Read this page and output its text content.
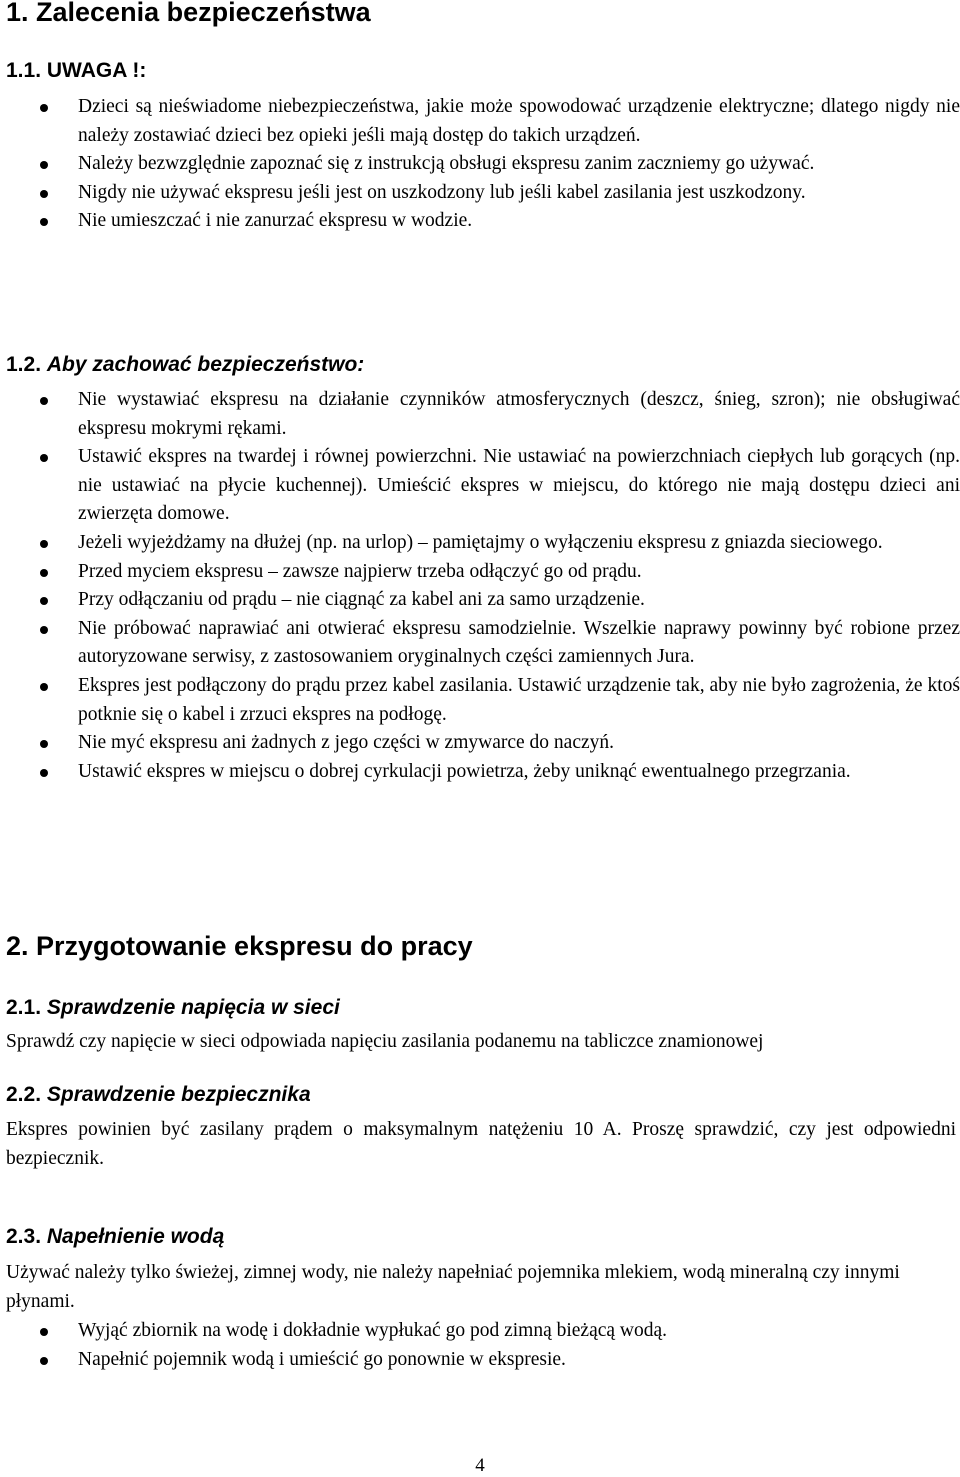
1. Zalecenia bezpieczeństwa
1.1. UWAGA !:
Dzieci są nieświadome niebezpieczeństwa, jakie może spowodować urządzenie elektryczne; dlatego nigdy nie należy zostawiać dzieci bez opieki jeśli mają dostęp do takich urządzeń.
Należy bezwzględnie zapoznać się z instrukcją obsługi ekspresu zanim zaczniemy go używać.
Nigdy nie używać ekspresu jeśli jest on uszkodzony lub jeśli kabel zasilania jest uszkodzony.
Nie umieszczać i nie zanurzać ekspresu w wodzie.
1.2. Aby zachować bezpieczeństwo:
Nie wystawiać ekspresu na działanie czynników atmosferycznych (deszcz, śnieg, szron); nie obsługiwać ekspresu mokrymi rękami.
Ustawić ekspres na twardej i równej powierzchni. Nie ustawiać na powierzchniach ciepłych lub gorących (np. nie ustawiać na płycie kuchennej). Umieścić ekspres w miejscu, do którego nie mają dostępu dzieci ani zwierzęta domowe.
Jeżeli wyjeżdżamy na dłużej (np. na urlop) – pamiętajmy o wyłączeniu ekspresu z gniazda sieciowego.
Przed myciem ekspresu – zawsze najpierw trzeba odłączyć go od prądu.
Przy odłączaniu od prądu – nie ciągnąć za kabel ani za samo urządzenie.
Nie próbować naprawiać ani otwierać ekspresu samodzielnie. Wszelkie naprawy powinny być robione przez autoryzowane serwisy, z zastosowaniem oryginalnych części zamiennych Jura.
Ekspres jest podłączony do prądu przez kabel zasilania. Ustawić urządzenie tak, aby nie było zagrożenia, że ktoś potknie się o kabel i zrzuci ekspres na podłogę.
Nie myć ekspresu ani żadnych z jego części w zmywarce do naczyń.
Ustawić ekspres w miejscu o dobrej cyrkulacji powietrza, żeby uniknąć ewentualnego przegrzania.
2. Przygotowanie ekspresu do pracy
2.1. Sprawdzenie napięcia w sieci

Sprawdź czy napięcie w sieci odpowiada napięciu zasilania podanemu na tabliczce znamionowej

2.2. Sprawdzenie bezpiecznika

Ekspres powinien być zasilany prądem o maksymalnym natężeniu 10 A. Proszę sprawdzić, czy jest odpowiedni bezpiecznik.

2.3. Napełnienie wodą

Używać należy tylko świeżej, zimnej wody, nie należy napełniać pojemnika mlekiem, wodą mineralną czy innymi płynami.

Wyjąć zbiornik na wodę i dokładnie wypłukać go pod zimną bieżącą wodą.
Napełnić pojemnik wodą i umieścić go ponownie w ekspresie.
4
